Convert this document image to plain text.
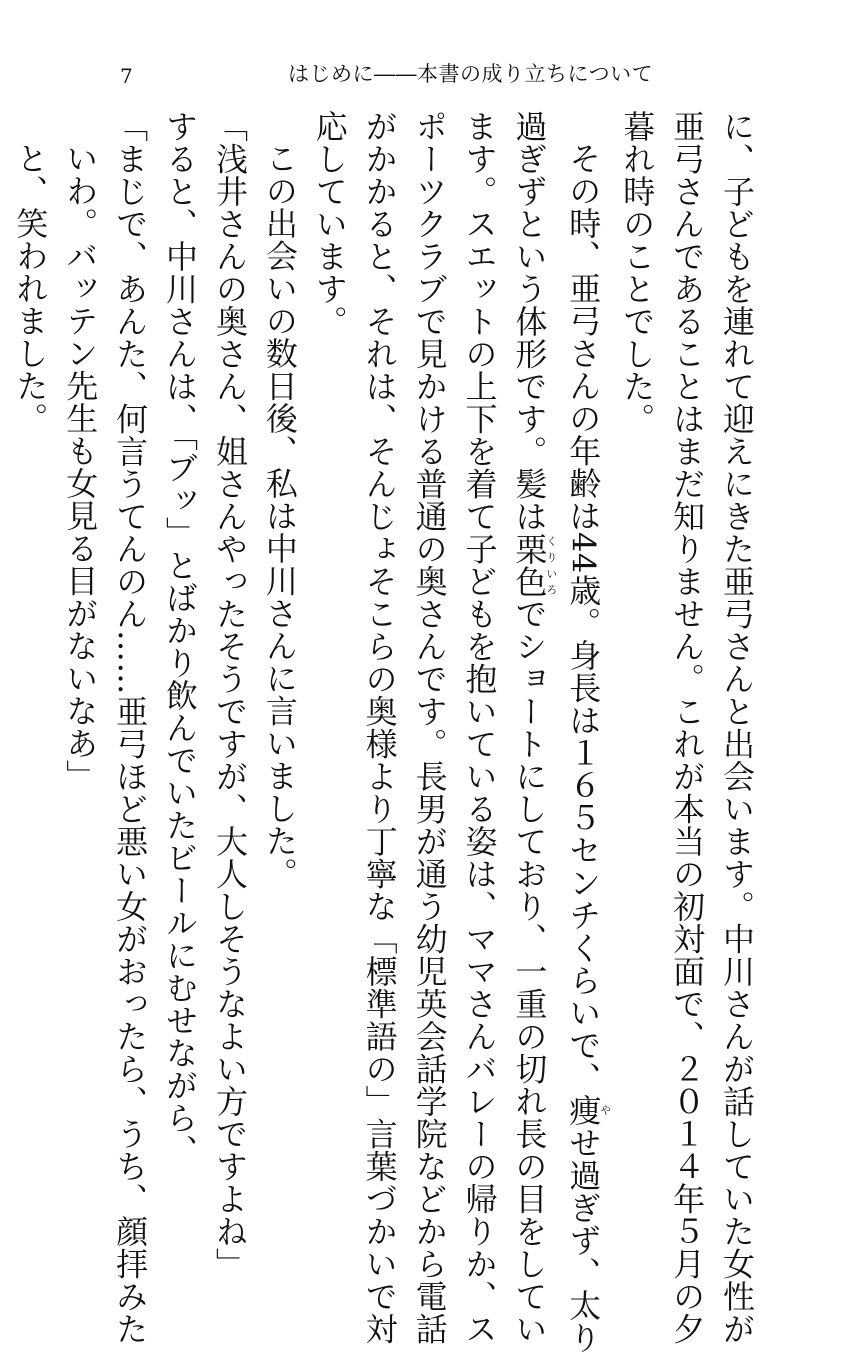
7	はじめに――本書の成り立ちについて
に、子どもを連れて迎えにきた亜弓さんと出会います。中川さんが話していた女性が
亜弓さんであることはまだ知りません。これが本当の初対面で、２０１４年５月の夕
暮れ時のことでした。
その時、亜弓さんの年齢は44歳。身長は１６５センチくらいで、痩やせ過ぎず、太り
過ぎずという体形です。髪は栗色くりいろでショートにしており、一重の切れ長の目をしてい
ます。スエットの上下を着て子どもを抱いている姿は、ママさんバレーの帰りか、ス
ポーツクラブで見かける普通の奥さんです。長男が通う幼児英会話学院などから電話
がかかると、それは、そんじょそこらの奥様より丁寧な「標準語の」言葉づかいで対
応しています。
この出会いの数日後、私は中川さんに言いました。
「浅井さんの奥さん、姐さんやったそうですが、大人しそうなよい方ですよね」
すると、中川さんは、「ブッ」とばかり飲んでいたビールにむせながら、
「まじで、あんた、何言うてんのん……亜弓ほど悪い女がおったら、うち、顔拝みた
いわ。バッテン先生も女見る目がないなあ」
と、笑われました。
